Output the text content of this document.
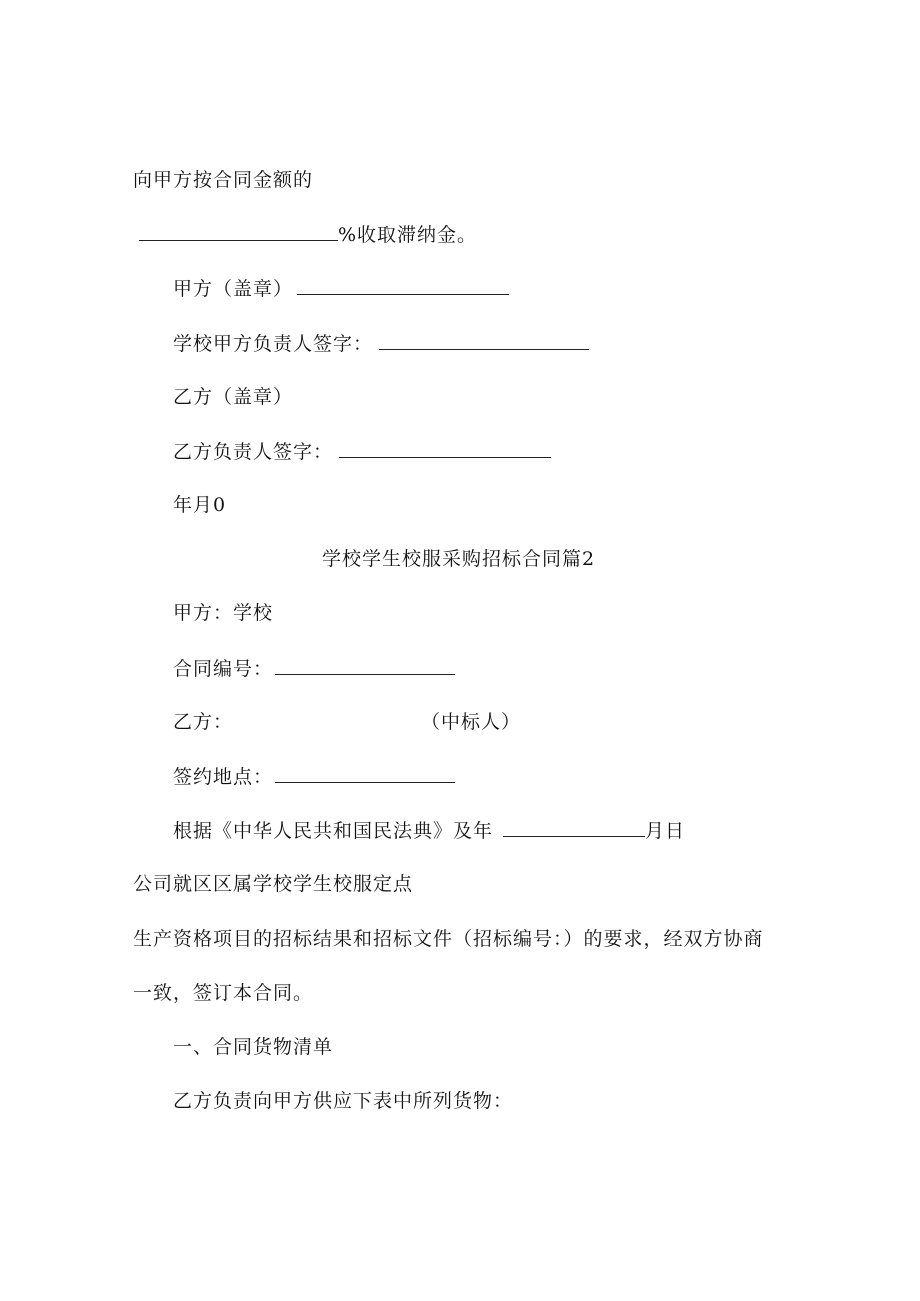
向甲方按合同金额的
%收取滞纳金。
甲方（盖章）
学校甲方负责人签字：
乙方（盖章）
乙方负责人签字：
年月0
学校学生校服采购招标合同篇2
甲方：学校
合同编号：
乙方：	（中标人）
签约地点：
根据《中华人民共和国民法典》及年	月日
公司就区区属学校学生校服定点
生产资格项目的招标结果和招标文件（招标编号：）的要求，经双方协商
一致，签订本合同。
一、合同货物清单
乙方负责向甲方供应下表中所列货物：
